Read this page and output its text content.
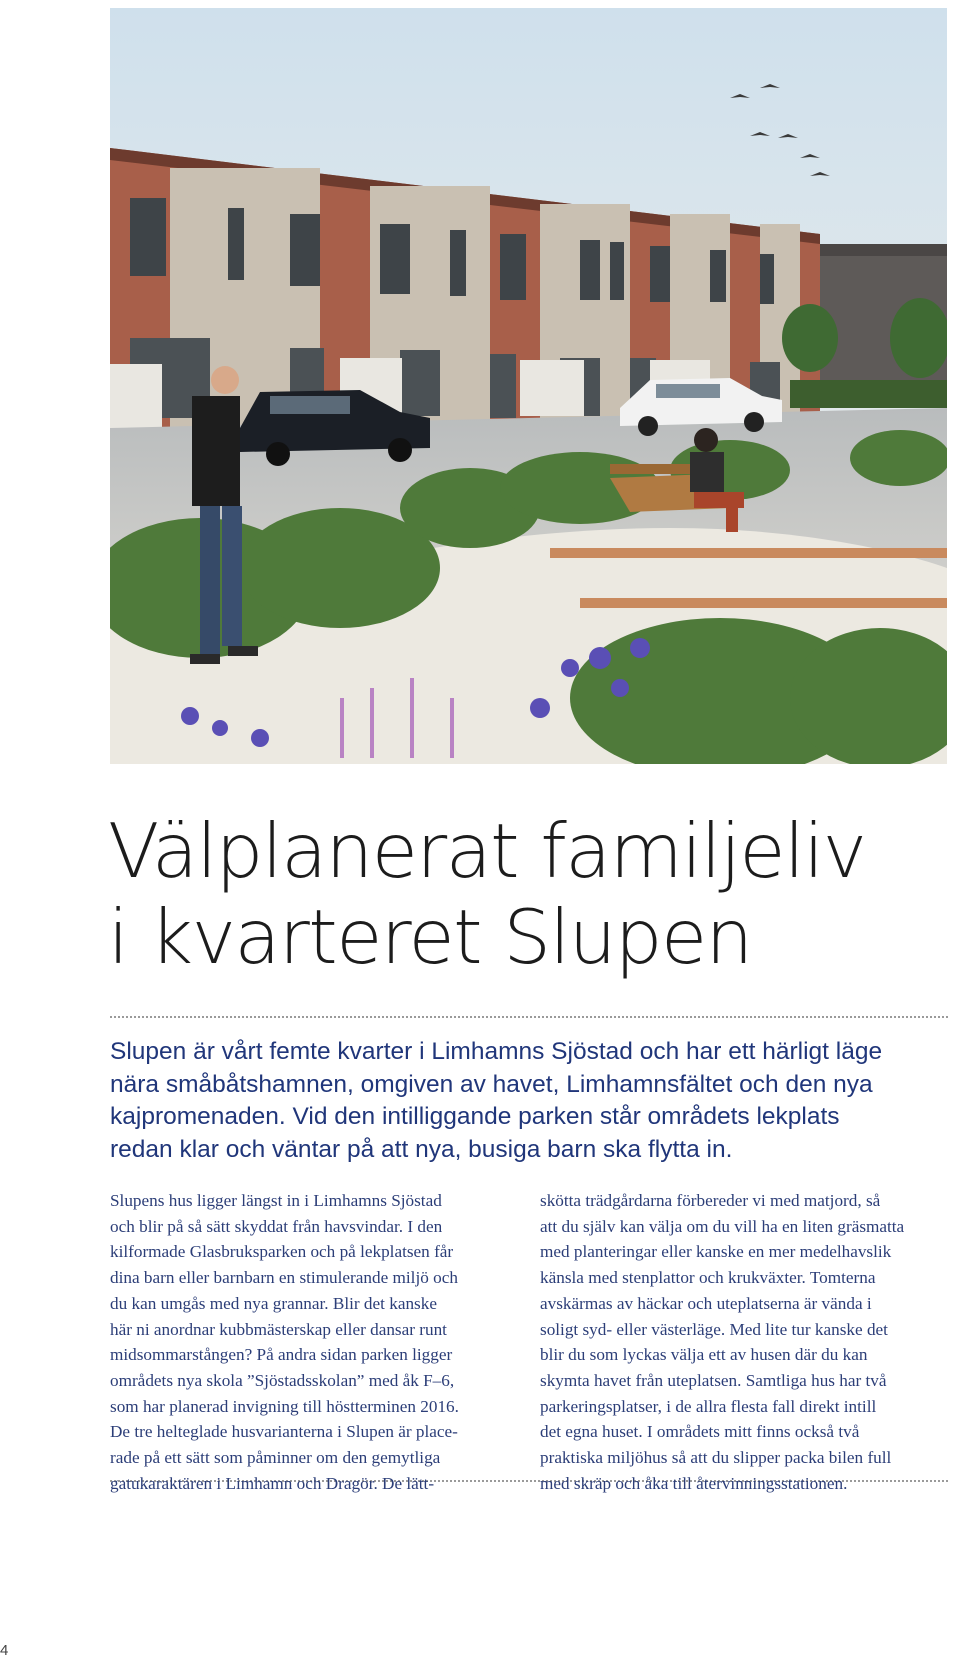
Välplanerat familjeliv
i kvarteret Slupen

Slupen är vårt femte kvarter i Limhamns Sjöstad och har ett härligt läge
nära småbåtshamnen, omgiven av havet, Limhamnsfältet och den nya
kajpromenaden. Vid den intilliggande parken står områdets lekplats
redan klar och väntar på att nya, busiga barn ska flytta in.

Slupens hus ligger längst in i Limhamns Sjöstad
och blir på så sätt skyddat från havsvindar. I den
kilformade Glasbruksparken och på lekplatsen får
dina barn eller barnbarn en stimulerande miljö och
du kan umgås med nya grannar. Blir det kanske
här ni anordnar kubbmästerskap eller dansar runt
midsommarstången? På andra sidan parken ligger
områdets nya skola ”Sjöstadsskolan” med åk F–6,
som har planerad invigning till höstterminen 2016.
De tre helteglade husvarianterna i Slupen är place-
rade på ett sätt som påminner om den gemytliga
gatukaraktären i Limhamn och Dragör. De lätt-

skötta trädgårdarna förbereder vi med matjord, så
att du själv kan välja om du vill ha en liten gräsmatta
med planteringar eller kanske en mer medelhavslik
känsla med stenplattor och krukväxter. Tomterna
avskärmas av häckar och uteplatserna är vända i
soligt syd- eller västerläge. Med lite tur kanske det
blir du som lyckas välja ett av husen där du kan
skymta havet från uteplatsen. Samtliga hus har två
parkeringsplatser, i de allra flesta fall direkt intill
det egna huset. I områdets mitt finns också två
praktiska miljöhus så att du slipper packa bilen full
med skräp och åka till återvinningsstationen.

4
